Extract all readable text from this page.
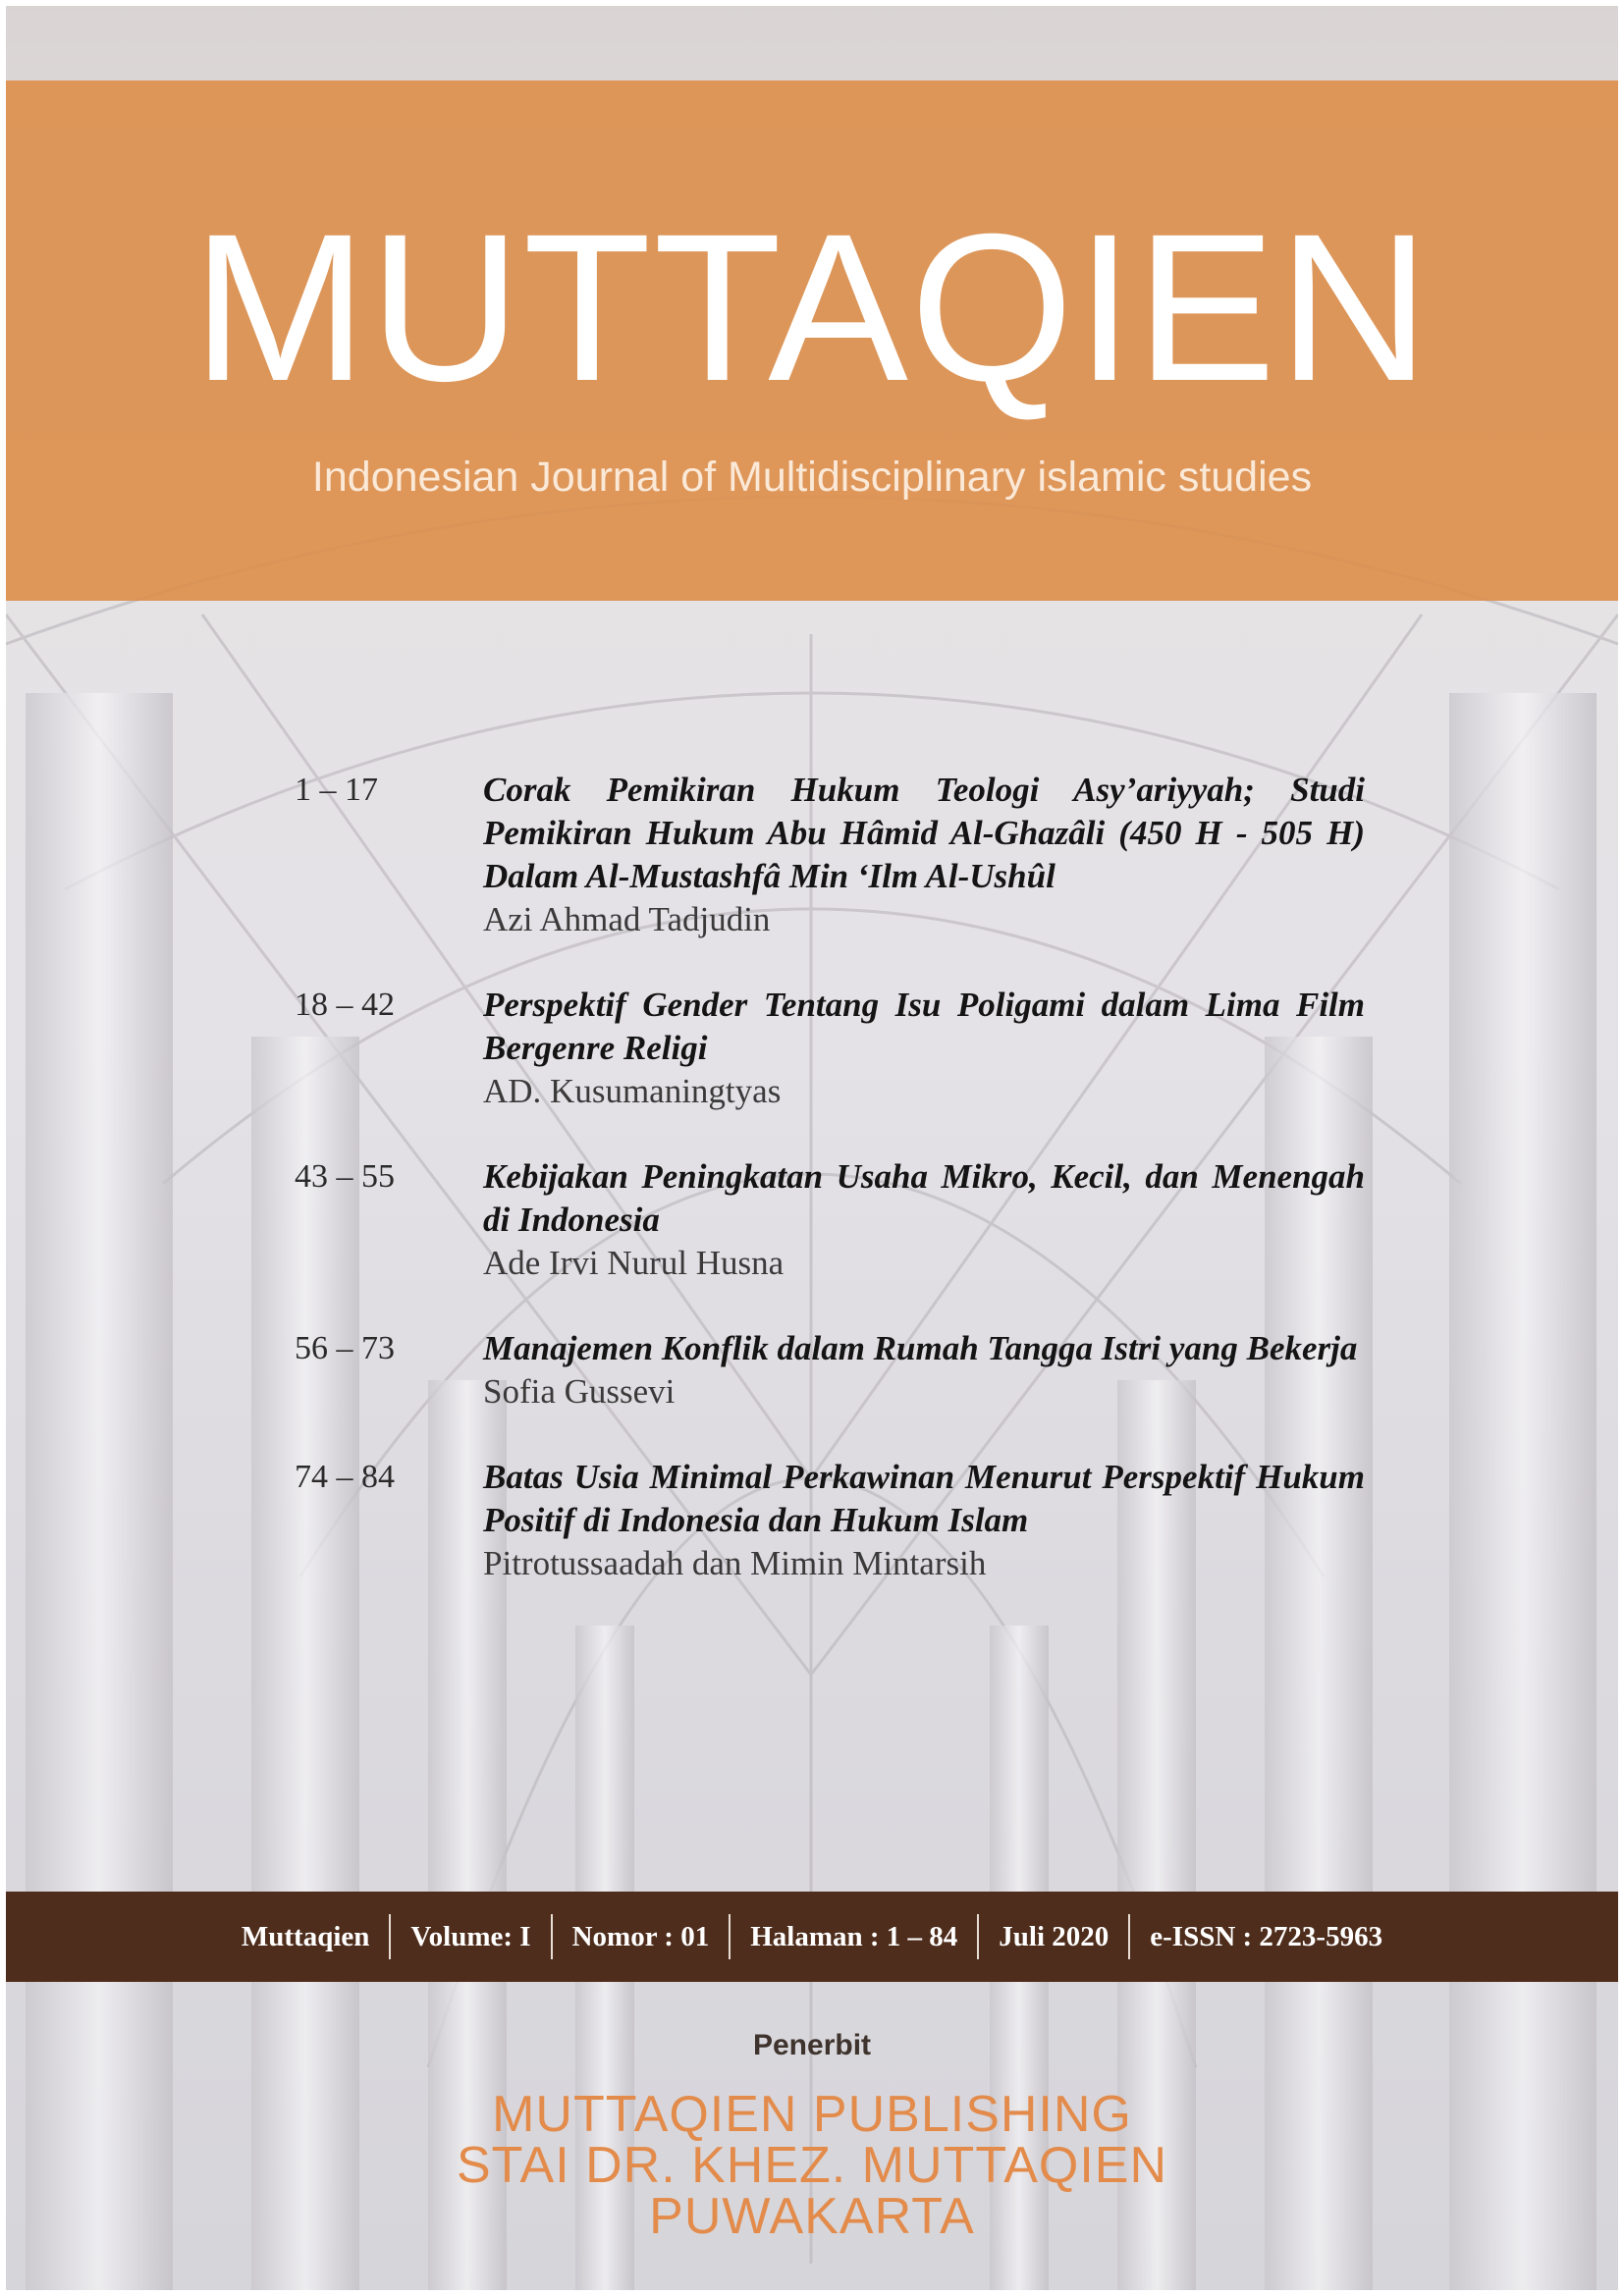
MUTTAQIEN

Indonesian Journal of Multidisciplinary islamic studies

1 – 17	Corak Pemikiran Hukum Teologi Asy’ariyyah; Studi Pemikiran Hukum Abu Hâmid Al-Ghazâli (450 H - 505 H) Dalam Al-Mustashfâ Min ‘Ilm Al-Ushûl
Azi Ahmad Tadjudin
18 – 42	Perspektif Gender Tentang Isu Poligami dalam Lima Film Bergenre Religi
AD. Kusumaningtyas
43 – 55	Kebijakan Peningkatan Usaha Mikro, Kecil, dan Menengah di Indonesia
Ade Irvi Nurul Husna
56 – 73	Manajemen Konflik dalam Rumah Tangga Istri yang Bekerja
Sofia Gussevi
74 – 84	Batas Usia Minimal Perkawinan Menurut Perspektif Hukum Positif di Indonesia dan Hukum Islam
Pitrotussaadah dan Mimin Mintarsih
Muttaqien	Volume: I	Nomor : 01	Halaman : 1 – 84	Juli 2020	e-ISSN : 2723-5963
Penerbit
MUTTAQIEN PUBLISHING
STAI DR. KHEZ. MUTTAQIEN
PUWAKARTA
